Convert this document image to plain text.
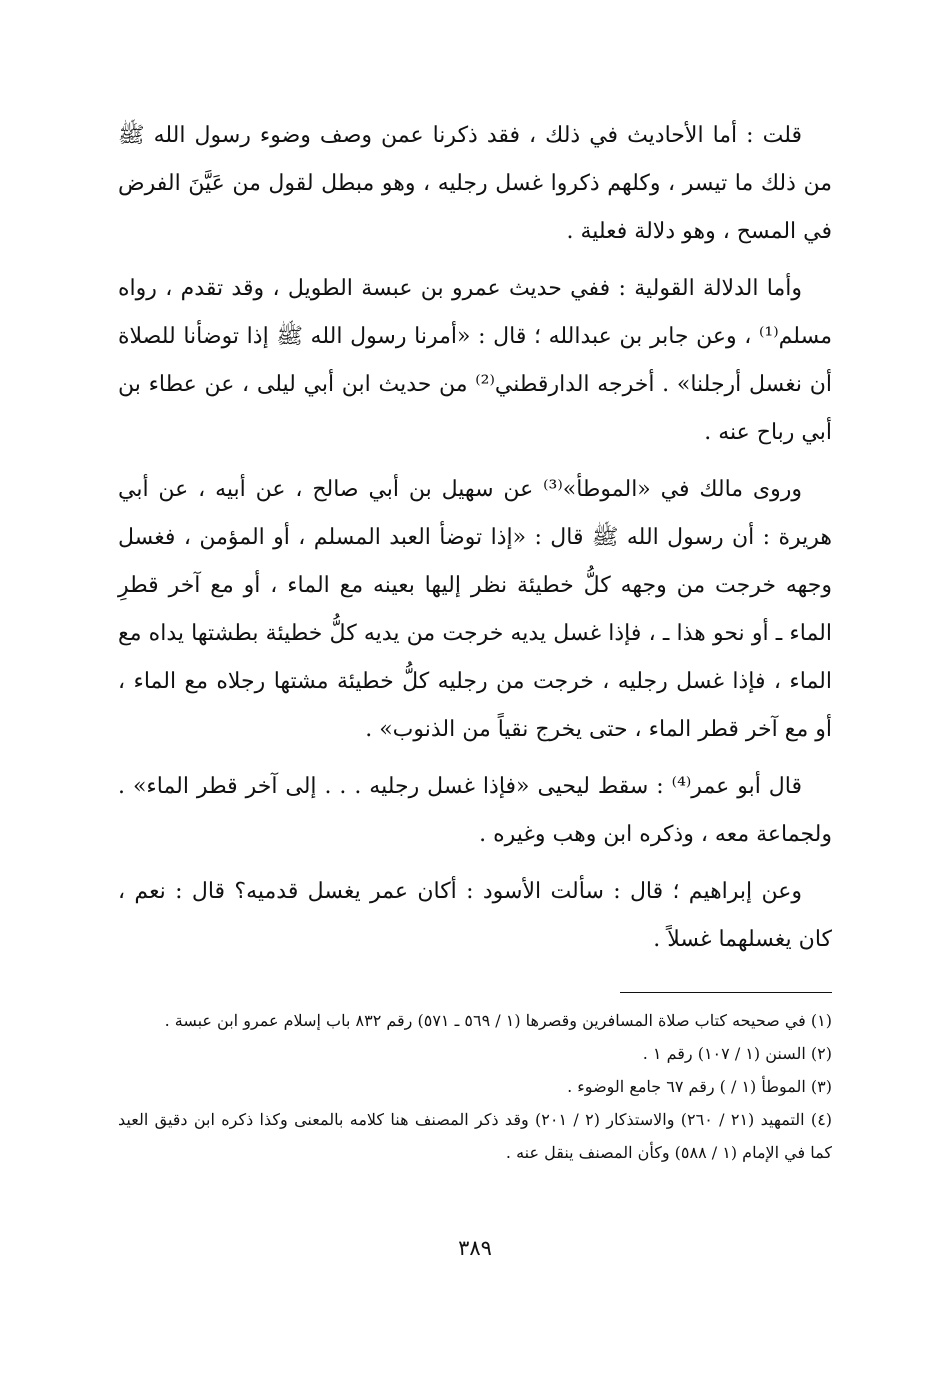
قلت : أما الأحاديث في ذلك ، فقد ذكرنا عمن وصف وضوء رسول الله ﷺ من ذلك ما تيسر ، وكلهم ذكروا غسل رجليه ، وهو مبطل لقول من عَيَّنَ الفرض في المسح ، وهو دلالة فعلية .

وأما الدلالة القولية : ففي حديث عمرو بن عبسة الطويل ، وقد تقدم ، رواه مسلم⁽¹⁾ ، وعن جابر بن عبدالله ؛ قال : «أمرنا رسول الله ﷺ إذا توضأنا للصلاة أن نغسل أرجلنا» . أخرجه الدارقطني⁽²⁾ من حديث ابن أبي ليلى ، عن عطاء بن أبي رباح عنه .

وروى مالك في «الموطأ»⁽³⁾ عن سهيل بن أبي صالح ، عن أبيه ، عن أبي هريرة : أن رسول الله ﷺ قال : «إذا توضأ العبد المسلم ، أو المؤمن ، فغسل وجهه خرجت من وجهه كلُّ خطيئة نظر إليها بعينه مع الماء ، أو مع آخر قطرِ الماء ـ أو نحو هذا ـ ، فإذا غسل يديه خرجت من يديه كلُّ خطيئة بطشتها يداه مع الماء ، فإذا غسل رجليه ، خرجت من رجليه كلُّ خطيئة مشتها رجلاه مع الماء ، أو مع آخر قطر الماء ، حتى يخرج نقياً من الذنوب» .

قال أبو عمر⁽⁴⁾ : سقط ليحيى «فإذا غسل رجليه . . . إلى آخر قطر الماء» . ولجماعة معه ، وذكره ابن وهب وغيره .

وعن إبراهيم ؛ قال : سألت الأسود : أكان عمر يغسل قدميه؟ قال : نعم ، كان يغسلهما غسلاً .

(١) في صحيحه كتاب صلاة المسافرين وقصرها (١ / ٥٦٩ ـ ٥٧١) رقم ٨٣٢ باب إسلام عمرو ابن عبسة .

(٢) السنن (١ / ١٠٧) رقم ١ .

(٣) الموطأ (١ / ) رقم ٦٧ جامع الوضوء .

(٤) التمهيد (٢١ / ٢٦٠) والاستذكار (٢ / ٢٠١) وقد ذكر المصنف هنا كلامه بالمعنى وكذا ذكره ابن دقيق العيد كما في الإمام (١ / ٥٨٨) وكأن المصنف ينقل عنه .

٣٨٩
